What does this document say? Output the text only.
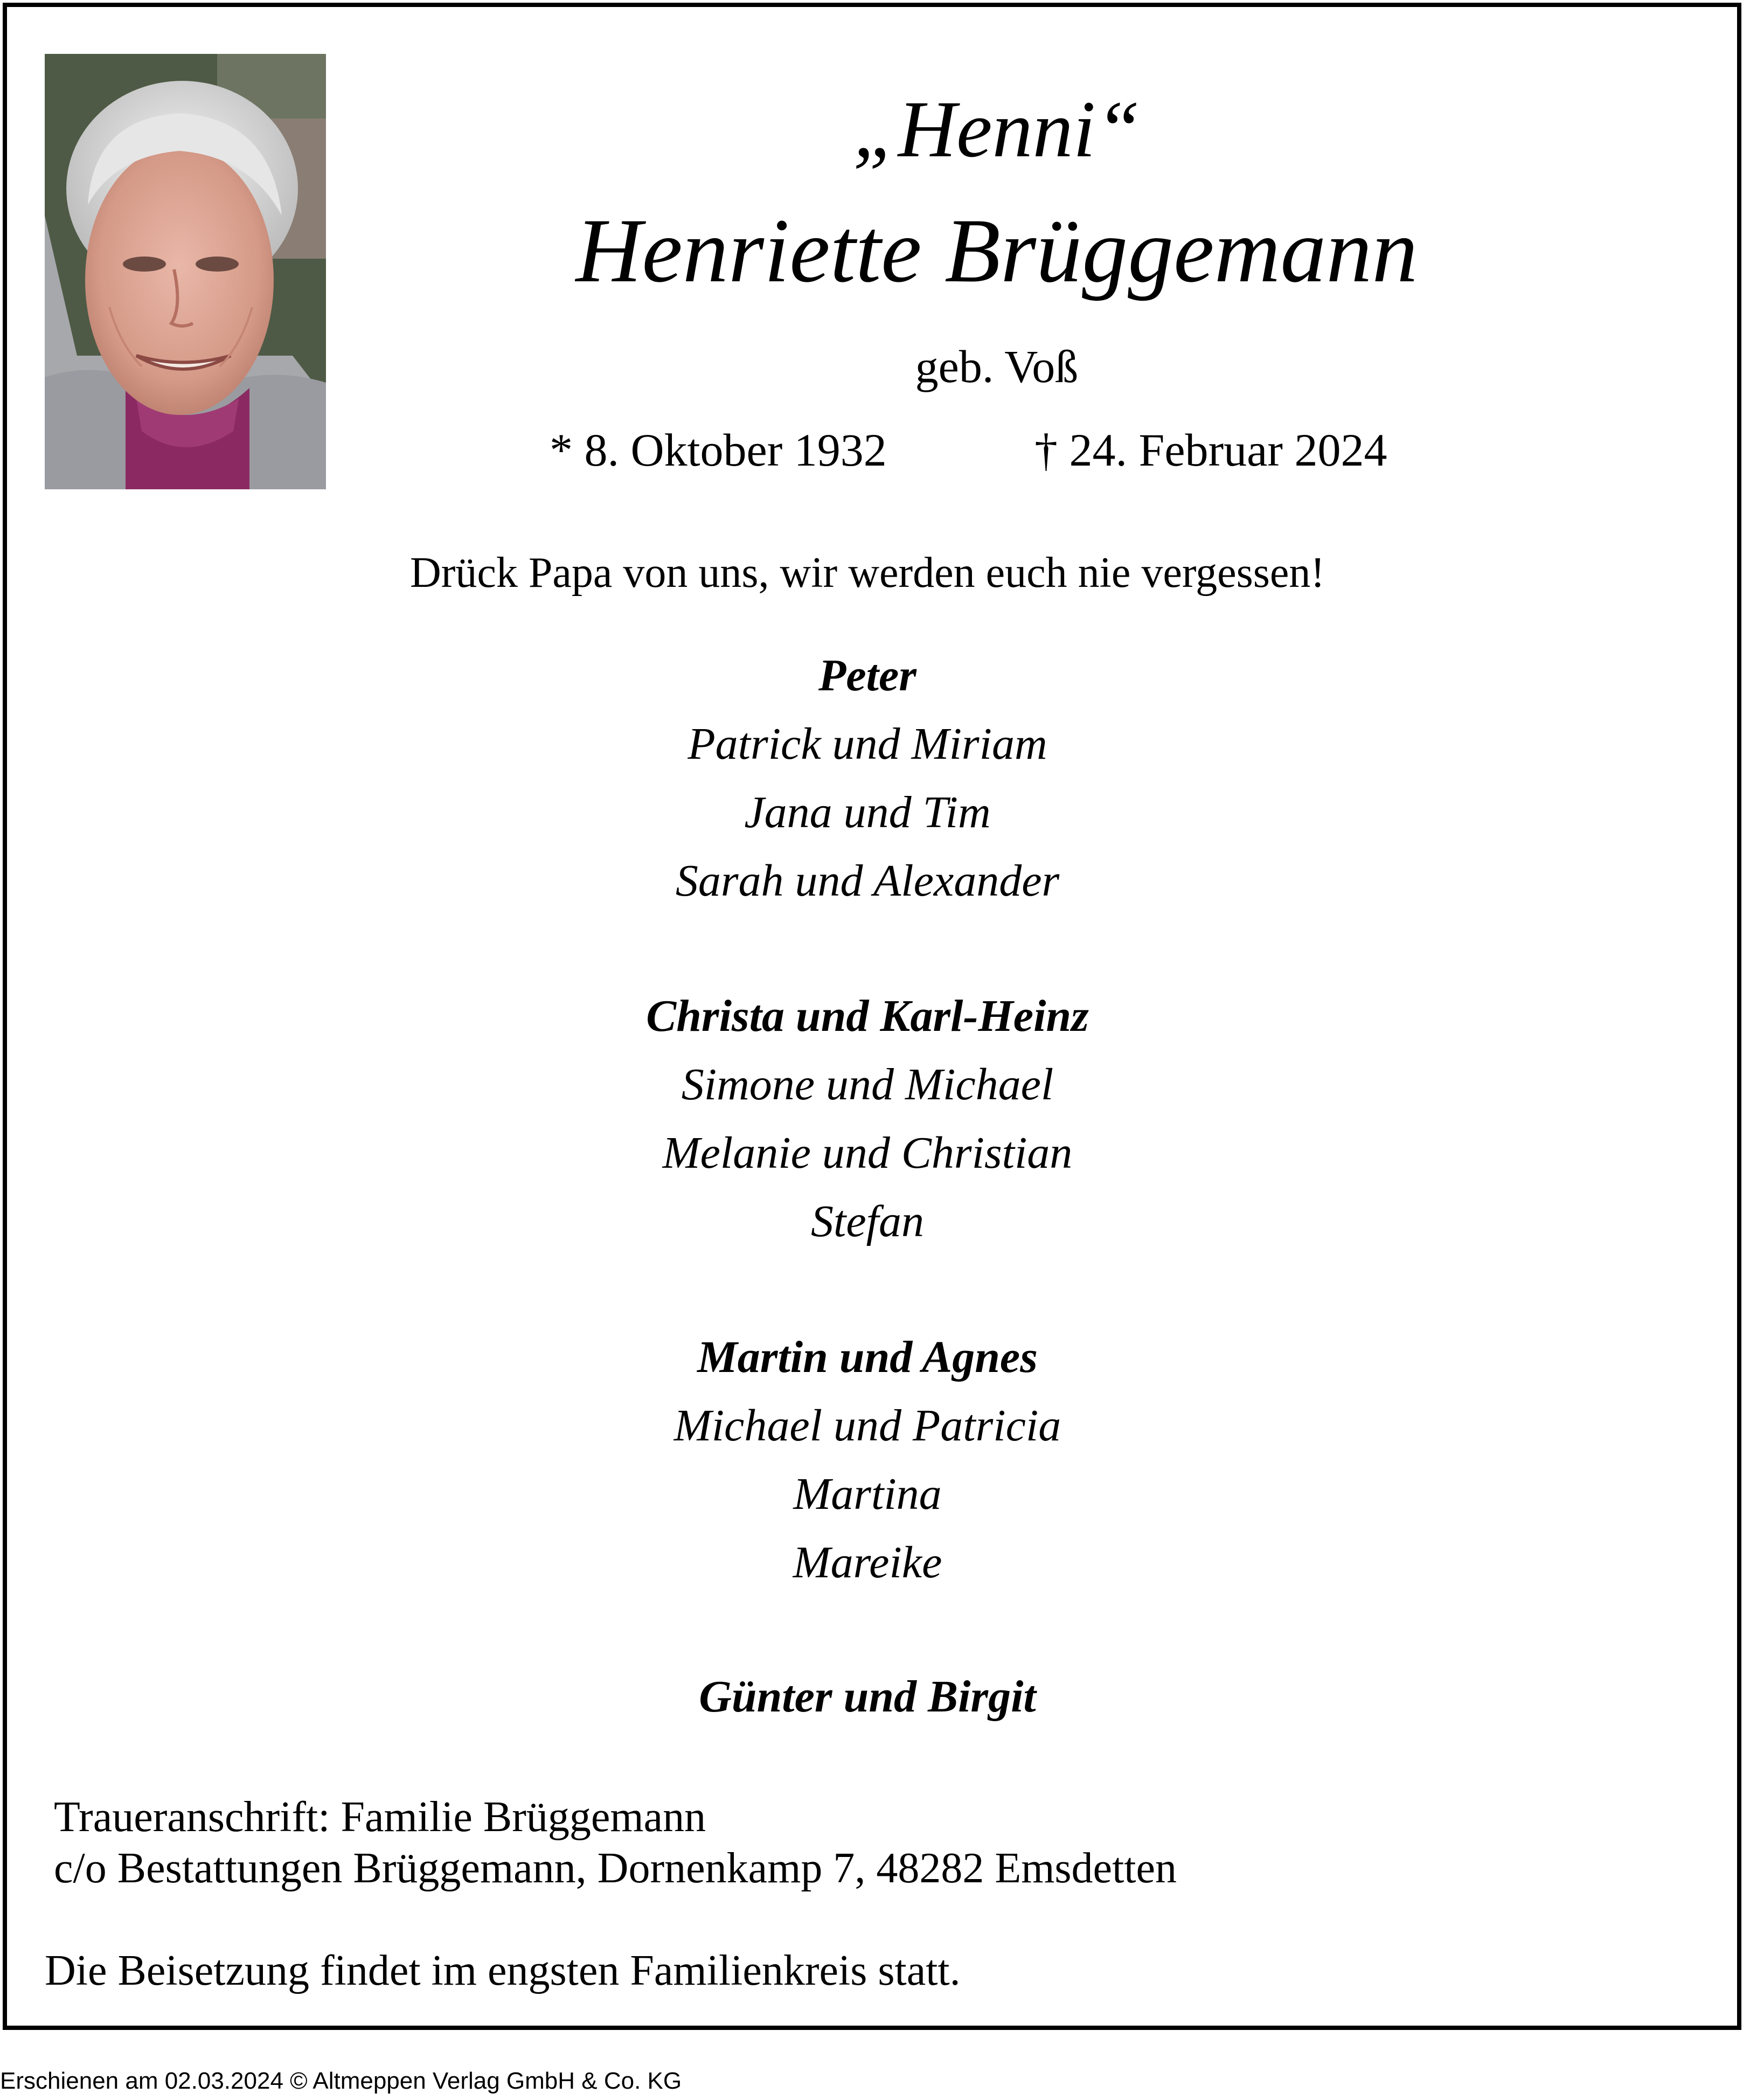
„Henni“
Henriette Brüggemann
geb. Voß
* 8. Oktober 1932	† 24. Februar 2024
Drück Papa von uns, wir werden euch nie vergessen!
Peter
Patrick und Miriam
Jana und Tim
Sarah und Alexander
Christa und Karl-Heinz
Simone und Michael
Melanie und Christian
Stefan
Martin und Agnes
Michael und Patricia
Martina
Mareike
Günter und Birgit
Traueranschrift: Familie Brüggemann
c/o Bestattungen Brüggemann, Dornenkamp 7, 48282 Emsdetten
Die Beisetzung findet im engsten Familienkreis statt.
Erschienen am 02.03.2024 © Altmeppen Verlag GmbH & Co. KG
